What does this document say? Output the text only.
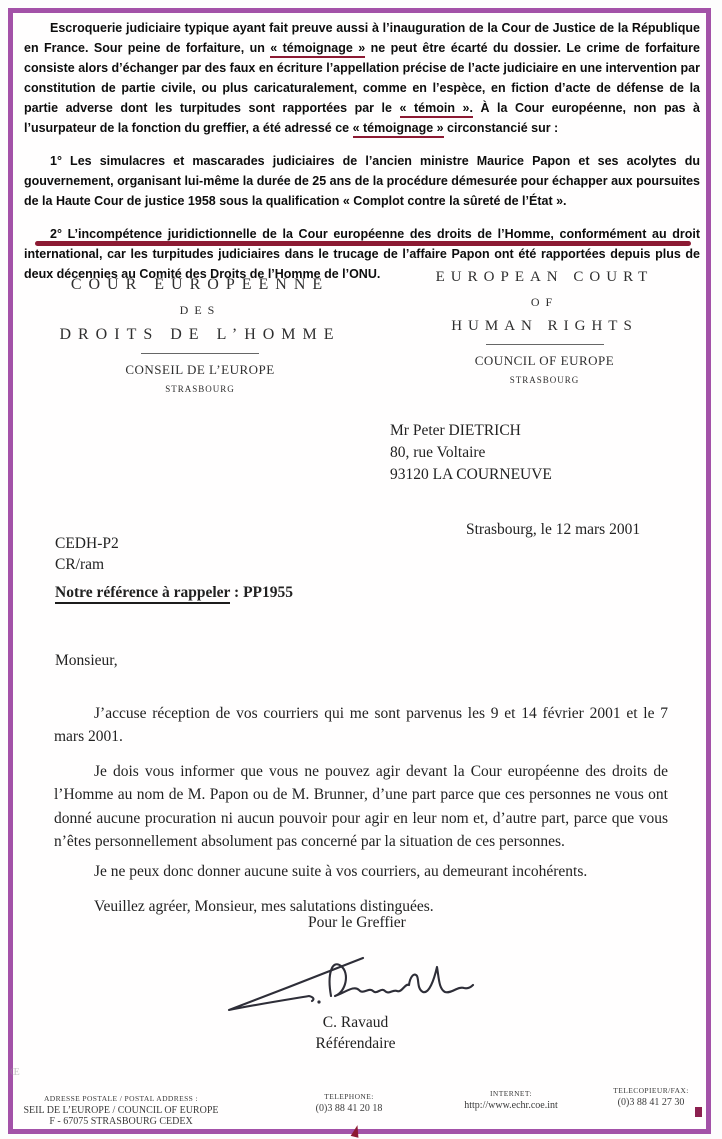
Escroquerie judiciaire typique ayant fait preuve aussi à l’inauguration de la Cour de Justice de la République en France. Sour peine de forfaiture, un « témoignage » ne peut être écarté du dossier. Le crime de forfaiture consiste alors d’échanger par des faux en écriture l’appellation précise de l’acte judiciaire en une intervention par constitution de partie civile, ou plus caricaturalement, comme en l’espèce, en fiction d’acte de défense de la partie adverse dont les turpitudes sont rapportées par le « témoin ». À la Cour européenne, non pas à l’usurpateur de la fonction du greffier, a été adressé ce « témoignage » circonstancié sur :

1° Les simulacres et mascarades judiciaires de l’ancien ministre Maurice Papon et ses acolytes du gouvernement, organisant lui-même la durée de 25 ans de la procédure démesurée pour échapper aux poursuites de la Haute Cour de justice 1958 sous la qualification « Complot contre la sûreté de l’État ».

2° L’incompétence juridictionnelle de la Cour européenne des droits de l’Homme, conformément au droit international, car les turpitudes judiciaires dans le trucage de l’affaire Papon ont été rapportées depuis plus de deux décennies au Comité des Droits de l’Homme de l’ONU.

COUR EUROPEENNE
DES
DROITS DE L’HOMME
CONSEIL DE L’EUROPE
STRASBOURG
EUROPEAN COURT
OF
HUMAN RIGHTS
COUNCIL OF EUROPE
STRASBOURG
Mr Peter DIETRICH
80, rue Voltaire
93120 LA COURNEUVE
Strasbourg, le 12 mars 2001
CEDH-P2
CR/ram
Notre référence à rappeler : PP1955
Monsieur,

J’accuse réception de vos courriers qui me sont parvenus les 9 et 14 février 2001 et le 7 mars 2001.

Je dois vous informer que vous ne pouvez agir devant la Cour européenne des droits de l’Homme au nom de M. Papon ou de M. Brunner, d’une part parce que ces personnes ne vous ont donné aucune procuration ni aucun pouvoir pour agir en leur nom et, d’autre part, parce que vous n’êtes personnellement absolument pas concerné par la situation de ces personnes.

Je ne peux donc donner aucune suite à vos courriers, au demeurant incohérents.

Veuillez agréer, Monsieur, mes salutations distinguées.

Pour le Greffier
C. Ravaud
Référendaire
ADRESSE POSTALE / POSTAL ADDRESS :
SEIL DE L’EUROPE / COUNCIL OF EUROPE
F - 67075 STRASBOURG CEDEX
TELEPHONE:
(0)3 88 41 20 18
INTERNET:
http://www.echr.coe.int
TELECOPIEUR/FAX:
(0)3 88 41 27 30
Œ
